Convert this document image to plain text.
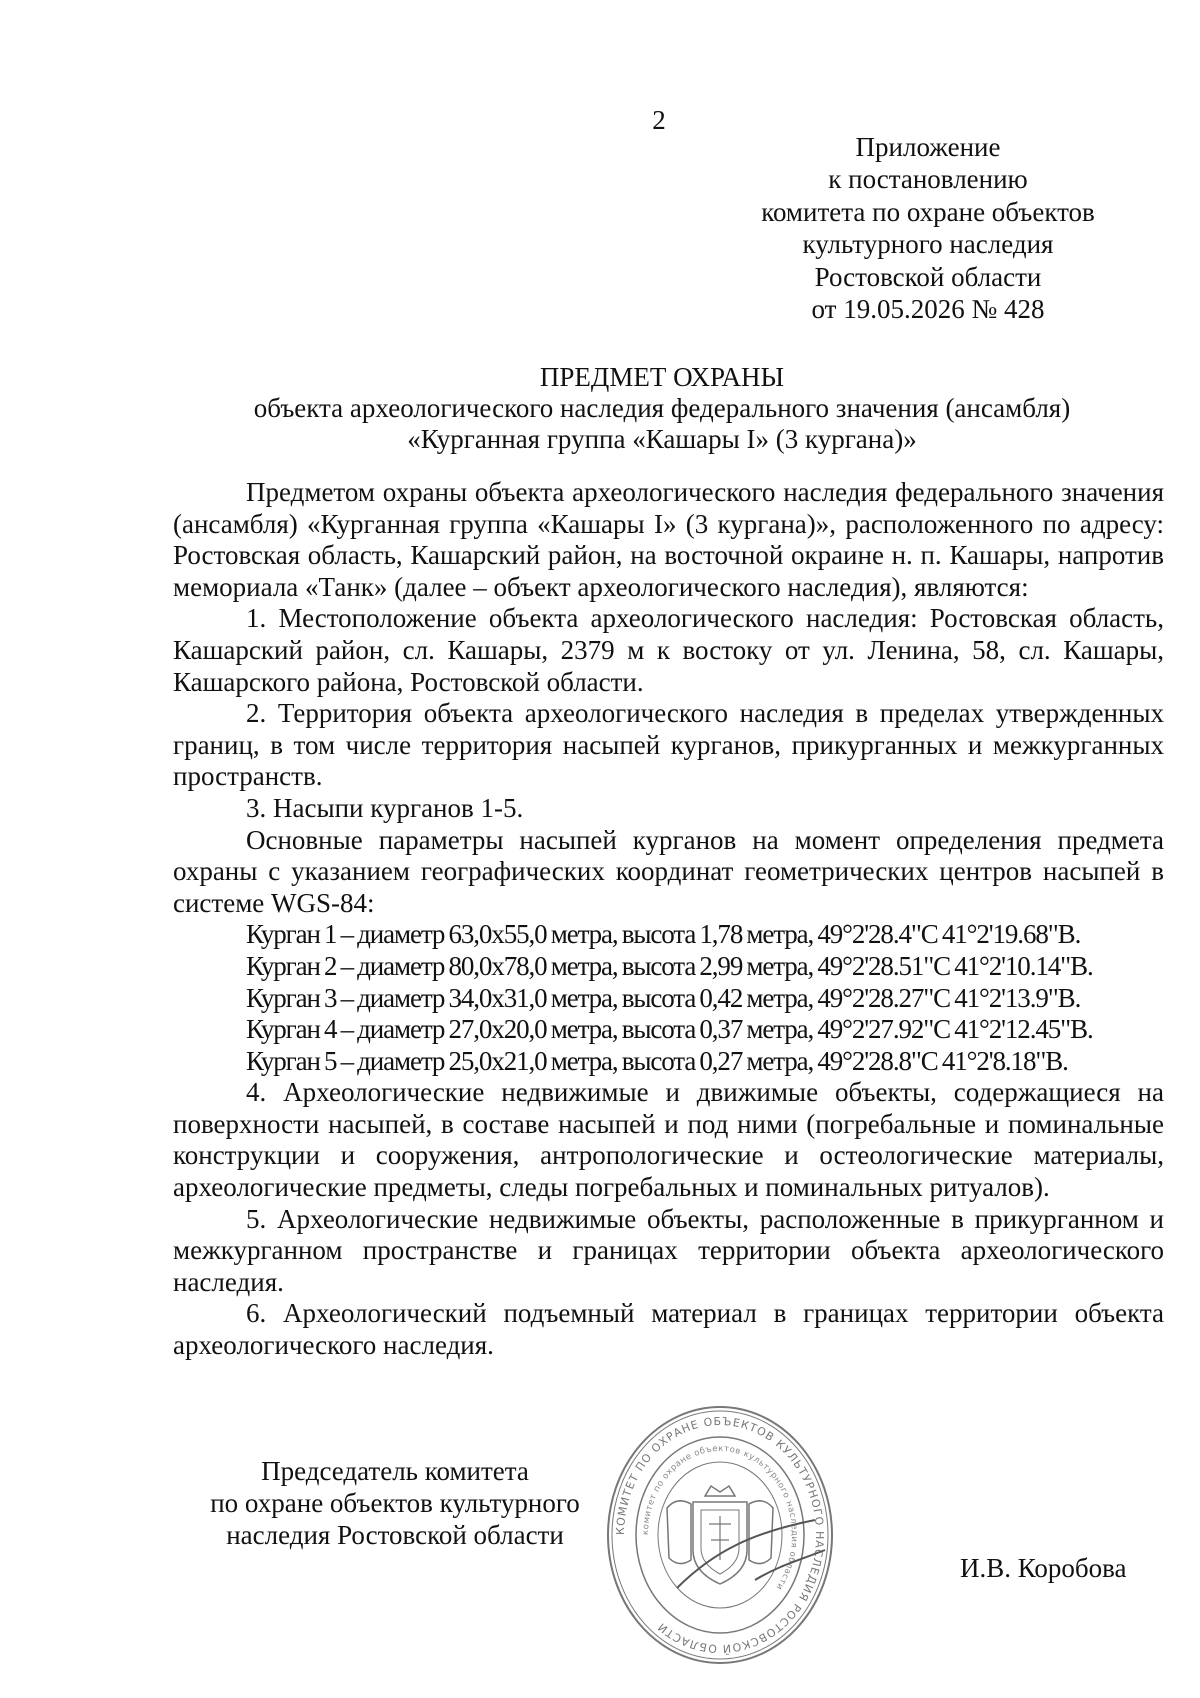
2
Приложение
к постановлению
комитета по охране объектов
культурного наследия
Ростовской области
от 19.05.2026 № 428
ПРЕДМЕТ ОХРАНЫ
объекта археологического наследия федерального значения (ансамбля)
«Курганная группа «Кашары I» (3 кургана)»

Предметом охраны объекта археологического наследия федерального значения (ансамбля) «Курганная группа «Кашары I» (3 кургана)», расположенного по адресу: Ростовская область, Кашарский район, на восточной окраине н. п. Кашары, напротив мемориала «Танк» (далее – объект археологического наследия), являются:

1. Местоположение объекта археологического наследия: Ростовская область, Кашарский район, сл. Кашары, 2379 м к востоку от ул. Ленина, 58, сл. Кашары, Кашарского района, Ростовской области.

2. Территория объекта археологического наследия в пределах утвержденных границ, в том числе территория насыпей курганов, прикурганных и межкурганных пространств.

3. Насыпи курганов 1-5.

Основные параметры насыпей курганов на момент определения предмета охраны с указанием географических координат геометрических центров насыпей в системе WGS-84:

Курган 1 – диаметр 63,0х55,0 метра, высота 1,78 метра, 49°2'28.4"С 41°2'19.68"В.
Курган 2 – диаметр 80,0х78,0 метра, высота 2,99 метра, 49°2'28.51"С 41°2'10.14"В.
Курган 3 – диаметр 34,0х31,0 метра, высота 0,42 метра, 49°2'28.27"С 41°2'13.9"В.
Курган 4 – диаметр 27,0х20,0 метра, высота 0,37 метра, 49°2'27.92"С 41°2'12.45"В.
Курган 5 – диаметр 25,0х21,0 метра, высота 0,27 метра, 49°2'28.8"С 41°2'8.18"В.

4. Археологические недвижимые и движимые объекты, содержащиеся на поверхности насыпей, в составе насыпей и под ними (погребальные и поминальные конструкции и сооружения, антропологические и остеологические материалы, археологические предметы, следы погребальных и поминальных ритуалов).

5. Археологические недвижимые объекты, расположенные в прикурганном и межкурганном пространстве и границах территории объекта археологического наследия.

6. Археологический подъемный материал в границах территории объекта археологического наследия.

Председатель комитета
по охране объектов культурного
наследия Ростовской области	КОМИТЕТ ПО ОХРАНЕ ОБЪЕКТОВ КУЛЬТУРНОГО НАСЛЕДИЯ РОСТОВСКОЙ ОБЛАСТИ
комитет по охране объектов культурного наследия области
И.В. Коробова
